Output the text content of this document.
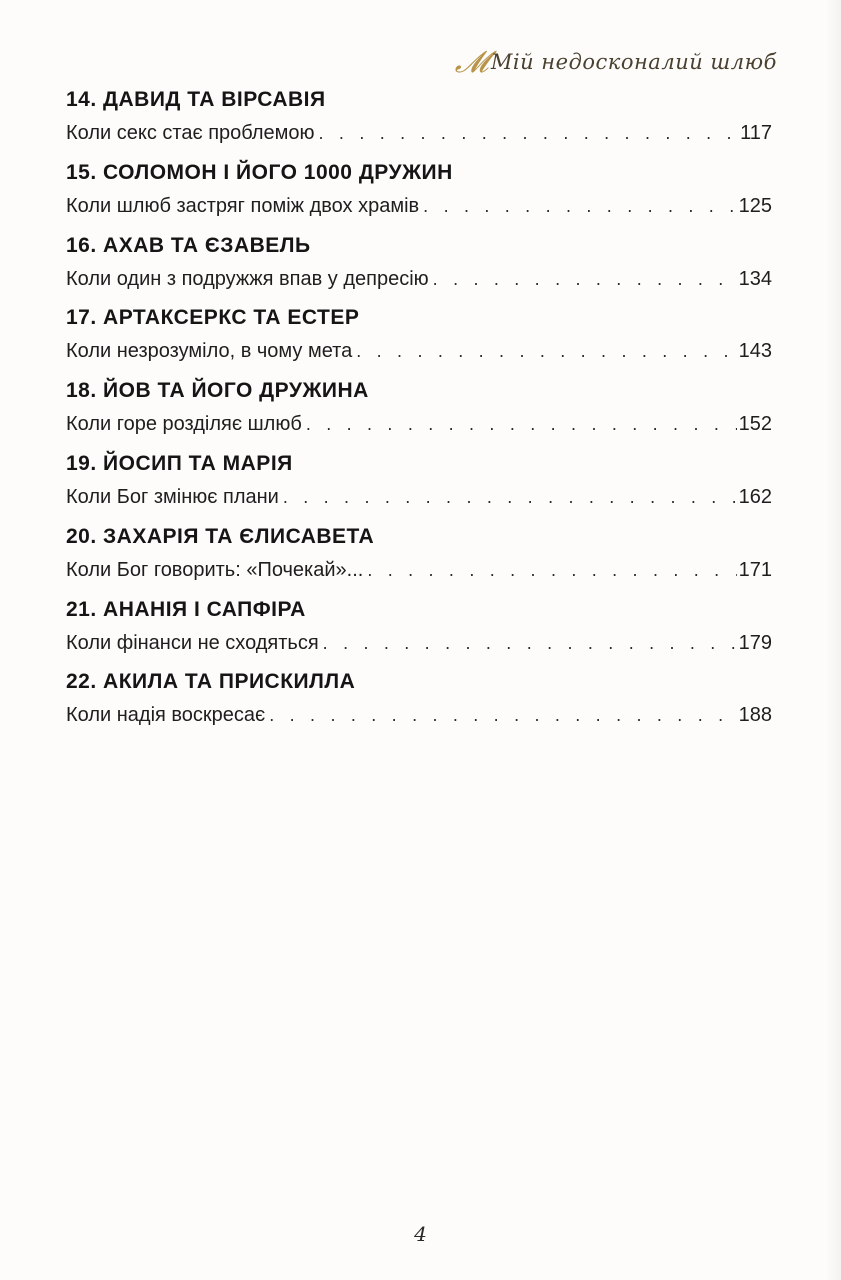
𝓜Мій недосконалий шлюб
14. ДАВИД ТА ВІРСАВІЯ
Коли секс стає проблемою . . .	117
15. СОЛОМОН І ЙОГО 1000 ДРУЖИН
Коли шлюб застряг поміж двох храмів . . .	125
16. АХАВ ТА ЄЗАВЕЛЬ
Коли один з подружжя впав у депресію . . .	134
17. АРТАКСЕРКС ТА ЕСТЕР
Коли незрозуміло, в чому мета . . .	143
18. ЙОВ ТА ЙОГО ДРУЖИНА
Коли горе розділяє шлюб . . .	152
19. ЙОСИП ТА МАРІЯ
Коли Бог змінює плани . . .	162
20. ЗАХАРІЯ ТА ЄЛИСАВЕТА
Коли Бог говорить: «Почекай»... . . .	171
21. АНАНІЯ І САПФІРА
Коли фінанси не сходяться . . .	179
22. АКИЛА ТА ПРИСКИЛЛА
Коли надія воскресає . . .	188
4
